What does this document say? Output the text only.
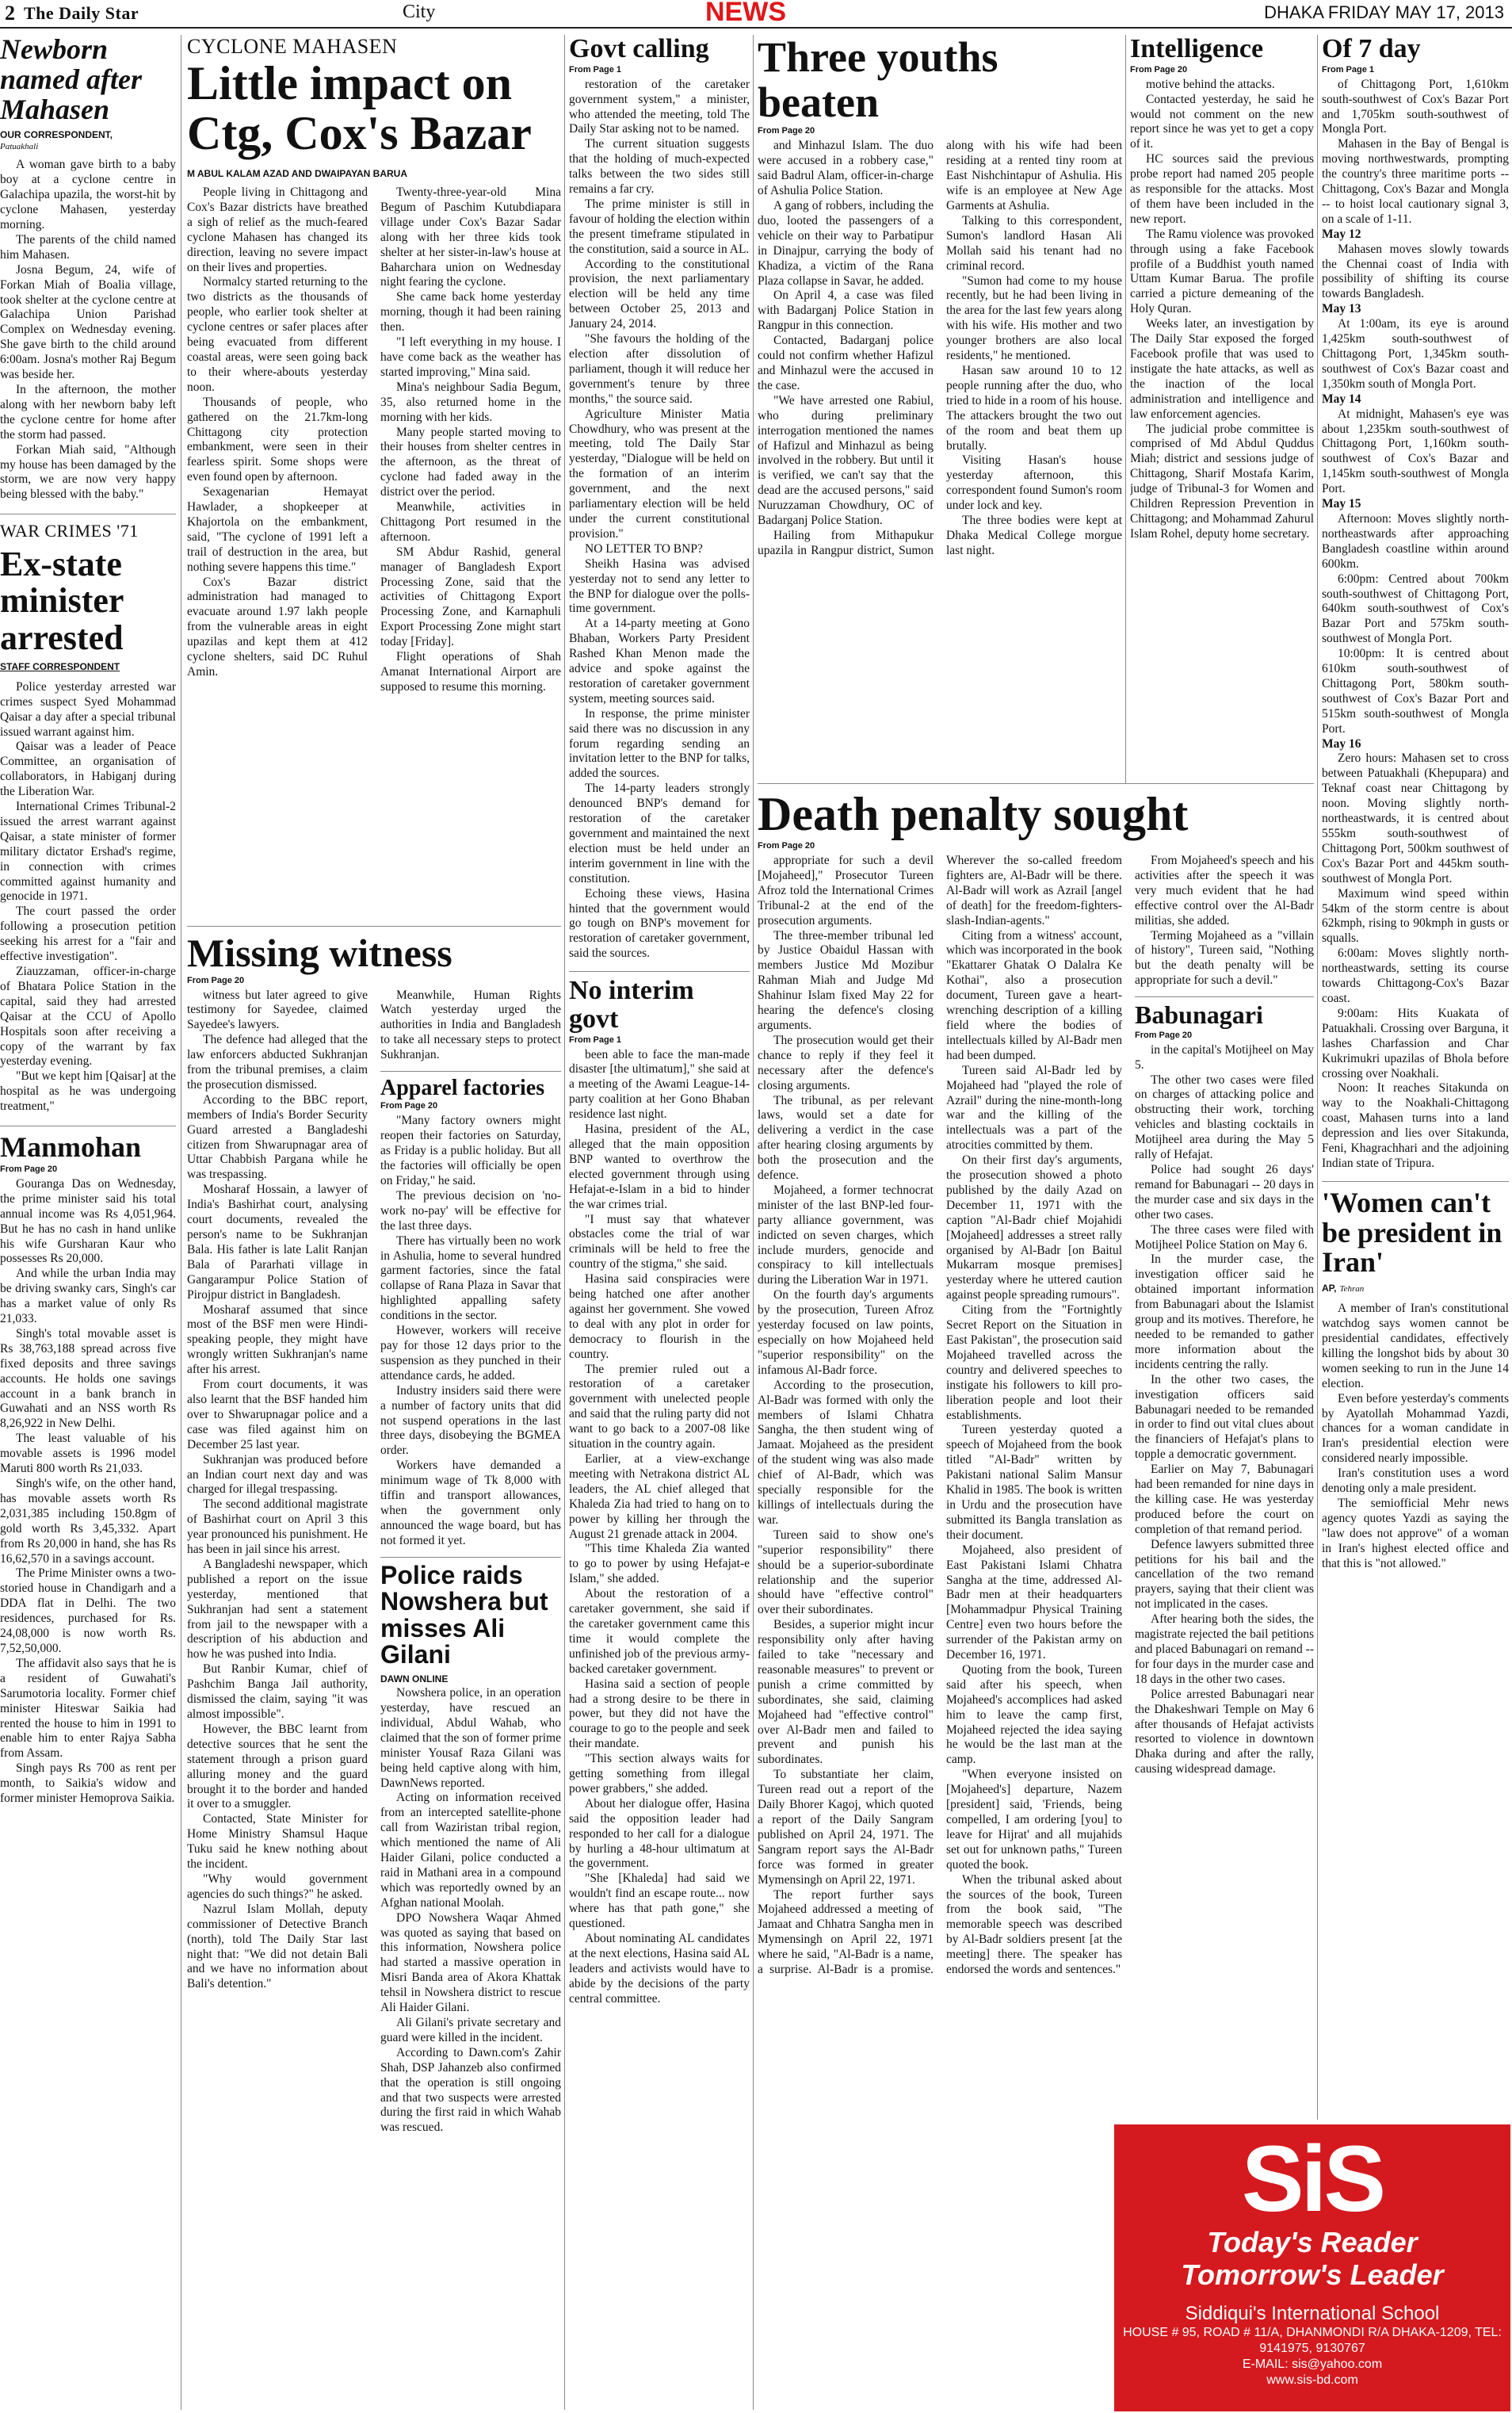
2 The Daily Star	City	NEWS	DHAKA FRIDAY MAY 17, 2013
Newborn named after Mahasen
OUR CORRESPONDENT,
Patuakhali

A woman gave birth to a baby boy at a cyclone centre in Galachipa upazila, the worst-hit by cyclone Mahasen, yesterday morning.

The parents of the child named him Mahasen.

Josna Begum, 24, wife of Forkan Miah of Boalia village, took shelter at the cyclone centre at Galachipa Union Parishad Complex on Wednesday evening. She gave birth to the child around 6:00am. Josna's mother Raj Begum was beside her.

In the afternoon, the mother along with her newborn baby left the cyclone centre for home after the storm had passed.

Forkan Miah said, "Although my house has been damaged by the storm, we are now very happy being blessed with the baby."

WAR CRIMES '71
Ex-state minister arrested
STAFF CORRESPONDENT

Police yesterday arrested war crimes suspect Syed Mohammad Qaisar a day after a special tribunal issued warrant against him.

Qaisar was a leader of Peace Committee, an organisation of collaborators, in Habiganj during the Liberation War.

International Crimes Tribunal-2 issued the arrest warrant against Qaisar, a state minister of former military dictator Ershad's regime, in connection with crimes committed against humanity and genocide in 1971.

The court passed the order following a prosecution petition seeking his arrest for a "fair and effective investigation".

Ziauzzaman, officer-in-charge of Bhatara Police Station in the capital, said they had arrested Qaisar at the CCU of Apollo Hospitals soon after receiving a copy of the warrant by fax yesterday evening.

"But we kept him [Qaisar] at the hospital as he was undergoing treatment,"

Manmohan
From Page 20

Gouranga Das on Wednesday, the prime minister said his total annual income was Rs 4,051,964. But he has no cash in hand unlike his wife Gursharan Kaur who possesses Rs 20,000.

And while the urban India may be driving swanky cars, Singh's car has a market value of only Rs 21,033.

Singh's total movable asset is Rs 38,763,188 spread across five fixed deposits and three savings accounts. He holds one savings account in a bank branch in Guwahati and an NSS worth Rs 8,26,922 in New Delhi.

The least valuable of his movable assets is 1996 model Maruti 800 worth Rs 21,033.

Singh's wife, on the other hand, has movable assets worth Rs 2,031,385 including 150.8gm of gold worth Rs 3,45,332. Apart from Rs 20,000 in hand, she has Rs 16,62,570 in a savings account.

The Prime Minister owns a two-storied house in Chandigarh and a DDA flat in Delhi. The two residences, purchased for Rs. 24,08,000 is now worth Rs. 7,52,50,000.

The affidavit also says that he is a resident of Guwahati's Sarumotoria locality. Former chief minister Hiteswar Saikia had rented the house to him in 1991 to enable him to enter Rajya Sabha from Assam.

Singh pays Rs 700 as rent per month, to Saikia's widow and former minister Hemoprova Saikia.

CYCLONE MAHASEN
Little impact on Ctg, Cox's Bazar
M ABUL KALAM AZAD AND DWAIPAYAN BARUA

People living in Chittagong and Cox's Bazar districts have breathed a sigh of relief as the much-feared cyclone Mahasen has changed its direction, leaving no severe impact on their lives and properties.

Normalcy started returning to the two districts as the thousands of people, who earlier took shelter at cyclone centres or safer places after being evacuated from different coastal areas, were seen going back to their where-abouts yesterday noon.

Thousands of people, who gathered on the 21.7km-long Chittagong city protection embankment, were seen in their fearless spirit. Some shops were even found open by afternoon.

Sexagenarian Hemayat Hawlader, a shopkeeper at Khajortola on the embankment, said, "The cyclone of 1991 left a trail of destruction in the area, but nothing severe happens this time."

Cox's Bazar district administration had managed to evacuate around 1.97 lakh people from the vulnerable areas in eight upazilas and kept them at 412 cyclone shelters, said DC Ruhul Amin.

Twenty-three-year-old Mina Begum of Paschim Kutubdiapara village under Cox's Bazar Sadar along with her three kids took shelter at her sister-in-law's house at Baharchara union on Wednesday night fearing the cyclone.

She came back home yesterday morning, though it had been raining then.

"I left everything in my house. I have come back as the weather has started improving," Mina said.

Mina's neighbour Sadia Begum, 35, also returned home in the morning with her kids.

Many people started moving to their houses from shelter centres in the afternoon, as the threat of cyclone had faded away in the district over the period.

Meanwhile, activities in Chittagong Port resumed in the afternoon.

SM Abdur Rashid, general manager of Bangladesh Export Processing Zone, said that the activities of Chittagong Export Processing Zone, and Karnaphuli Export Processing Zone might start today [Friday].

Flight operations of Shah Amanat International Airport are supposed to resume this morning.

Missing witness
From Page 20

witness but later agreed to give testimony for Sayedee, claimed Sayedee's lawyers.

The defence had alleged that the law enforcers abducted Sukhranjan from the tribunal premises, a claim the prosecution dismissed.

According to the BBC report, members of India's Border Security Guard arrested a Bangladeshi citizen from Shwarupnagar area of Uttar Chabbish Pargana while he was trespassing.

Mosharaf Hossain, a lawyer of India's Bashirhat court, analysing court documents, revealed the person's name to be Sukhranjan Bala. His father is late Lalit Ranjan Bala of Pararhati village in Gangarampur Police Station of Pirojpur district in Bangladesh.

Mosharaf assumed that since most of the BSF men were Hindi-speaking people, they might have wrongly written Sukhranjan's name after his arrest.

From court documents, it was also learnt that the BSF handed him over to Shwarupnagar police and a case was filed against him on December 25 last year.

Sukhranjan was produced before an Indian court next day and was charged for illegal trespassing.

The second additional magistrate of Bashirhat court on April 3 this year pronounced his punishment. He has been in jail since his arrest.

A Bangladeshi newspaper, which published a report on the issue yesterday, mentioned that Sukhranjan had sent a statement from jail to the newspaper with a description of his abduction and how he was pushed into India.

But Ranbir Kumar, chief of Pashchim Banga Jail authority, dismissed the claim, saying "it was almost impossible".

However, the BBC learnt from detective sources that he sent the statement through a prison guard alluring money and the guard brought it to the border and handed it over to a smuggler.

Contacted, State Minister for Home Ministry Shamsul Haque Tuku said he knew nothing about the incident.

"Why would government agencies do such things?" he asked.

Nazrul Islam Mollah, deputy commissioner of Detective Branch (north), told The Daily Star last night that: "We did not detain Bali and we have no information about Bali's detention."

Meanwhile, Human Rights Watch yesterday urged the authorities in India and Bangladesh to take all necessary steps to protect Sukhranjan.

Apparel factories
From Page 20

"Many factory owners might reopen their factories on Saturday, as Friday is a public holiday. But all the factories will officially be open on Friday," he said.

The previous decision on 'no-work no-pay' will be effective for the last three days.

There has virtually been no work in Ashulia, home to several hundred garment factories, since the fatal collapse of Rana Plaza in Savar that highlighted appalling safety conditions in the sector.

However, workers will receive pay for those 12 days prior to the suspension as they punched in their attendance cards, he added.

Industry insiders said there were a number of factory units that did not suspend operations in the last three days, disobeying the BGMEA order.

Workers have demanded a minimum wage of Tk 8,000 with tiffin and transport allowances, when the government only announced the wage board, but has not formed it yet.

Police raids Nowshera but misses Ali Gilani
DAWN ONLINE

Nowshera police, in an operation yesterday, have rescued an individual, Abdul Wahab, who claimed that the son of former prime minister Yousaf Raza Gilani was being held captive along with him, DawnNews reported.

Acting on information received from an intercepted satellite-phone call from Waziristan tribal region, which mentioned the name of Ali Haider Gilani, police conducted a raid in Mathani area in a compound which was reportedly owned by an Afghan national Moolah.

DPO Nowshera Waqar Ahmed was quoted as saying that based on this information, Nowshera police had started a massive operation in Misri Banda area of Akora Khattak tehsil in Nowshera district to rescue Ali Haider Gilani.

Ali Gilani's private secretary and guard were killed in the incident.

According to Dawn.com's Zahir Shah, DSP Jahanzeb also confirmed that the operation is still ongoing and that two suspects were arrested during the first raid in which Wahab was rescued.

Govt calling
From Page 1

restoration of the caretaker government system," a minister, who attended the meeting, told The Daily Star asking not to be named.

The current situation suggests that the holding of much-expected talks between the two sides still remains a far cry.

The prime minister is still in favour of holding the election within the present timeframe stipulated in the constitution, said a source in AL.

According to the constitutional provision, the next parliamentary election will be held any time between October 25, 2013 and January 24, 2014.

"She favours the holding of the election after dissolution of parliament, though it will reduce her government's tenure by three months," the source said.

Agriculture Minister Matia Chowdhury, who was present at the meeting, told The Daily Star yesterday, "Dialogue will be held on the formation of an interim government, and the next parliamentary election will be held under the current constitutional provision."

NO LETTER TO BNP?

Sheikh Hasina was advised yesterday not to send any letter to the BNP for dialogue over the polls-time government.

At a 14-party meeting at Gono Bhaban, Workers Party President Rashed Khan Menon made the advice and spoke against the restoration of caretaker government system, meeting sources said.

In response, the prime minister said there was no discussion in any forum regarding sending an invitation letter to the BNP for talks, added the sources.

The 14-party leaders strongly denounced BNP's demand for restoration of the caretaker government and maintained the next election must be held under an interim government in line with the constitution.

Echoing these views, Hasina hinted that the government would go tough on BNP's movement for restoration of caretaker government, said the sources.

No interim govt
From Page 1

been able to face the man-made disaster [the ultimatum]," she said at a meeting of the Awami League-14-party coalition at her Gono Bhaban residence last night.

Hasina, president of the AL, alleged that the main opposition BNP wanted to overthrow the elected government through using Hefajat-e-Islam in a bid to hinder the war crimes trial.

"I must say that whatever obstacles come the trial of war criminals will be held to free the country of the stigma," she said.

Hasina said conspiracies were being hatched one after another against her government. She vowed to deal with any plot in order for democracy to flourish in the country.

The premier ruled out a restoration of a caretaker government with unelected people and said that the ruling party did not want to go back to a 2007-08 like situation in the country again.

Earlier, at a view-exchange meeting with Netrakona district AL leaders, the AL chief alleged that Khaleda Zia had tried to hang on to power by killing her through the August 21 grenade attack in 2004.

"This time Khaleda Zia wanted to go to power by using Hefajat-e Islam," she added.

About the restoration of a caretaker government, she said if the caretaker government came this time it would complete the unfinished job of the previous army-backed caretaker government.

Hasina said a section of people had a strong desire to be there in power, but they did not have the courage to go to the people and seek their mandate.

"This section always waits for getting something from illegal power grabbers," she added.

About her dialogue offer, Hasina said the opposition leader had responded to her call for a dialogue by hurling a 48-hour ultimatum at the government.

"She [Khaleda] had said we wouldn't find an escape route... now where has that path gone," she questioned.

About nominating AL candidates at the next elections, Hasina said AL leaders and activists would have to abide by the decisions of the party central committee.

Three youths beaten
From Page 20

and Minhazul Islam. The duo were accused in a robbery case," said Badrul Alam, officer-in-charge of Ashulia Police Station.

A gang of robbers, including the duo, looted the passengers of a vehicle on their way to Parbatipur in Dinajpur, carrying the body of Khadiza, a victim of the Rana Plaza collapse in Savar, he added.

On April 4, a case was filed with Badarganj Police Station in Rangpur in this connection.

Contacted, Badarganj police could not confirm whether Hafizul and Minhazul were the accused in the case.

"We have arrested one Rabiul, who during preliminary interrogation mentioned the names of Hafizul and Minhazul as being involved in the robbery. But until it is verified, we can't say that the dead are the accused persons," said Nuruzzaman Chowdhury, OC of Badarganj Police Station.

Hailing from Mithapukur upazila in Rangpur district, Sumon along with his wife had been residing at a rented tiny room at East Nishchintapur of Ashulia. His wife is an employee at New Age Garments at Ashulia.

Talking to this correspondent, Sumon's landlord Hasan Ali Mollah said his tenant had no criminal record.

"Sumon had come to my house recently, but he had been living in the area for the last few years along with his wife. His mother and two younger brothers are also local residents," he mentioned.

Hasan saw around 10 to 12 people running after the duo, who tried to hide in a room of his house. The attackers brought the two out of the room and beat them up brutally.

Visiting Hasan's house yesterday afternoon, this correspondent found Sumon's room under lock and key.

The three bodies were kept at Dhaka Medical College morgue last night.

Death penalty sought
From Page 20

appropriate for such a devil [Mojaheed]," Prosecutor Tureen Afroz told the International Crimes Tribunal-2 at the end of the prosecution arguments.

The three-member tribunal led by Justice Obaidul Hassan with members Justice Md Mozibur Rahman Miah and Judge Md Shahinur Islam fixed May 22 for hearing the defence's closing arguments.

The prosecution would get their chance to reply if they feel it necessary after the defence's closing arguments.

The tribunal, as per relevant laws, would set a date for delivering a verdict in the case after hearing closing arguments by both the prosecution and the defence.

Mojaheed, a former technocrat minister of the last BNP-led four-party alliance government, was indicted on seven charges, which include murders, genocide and conspiracy to kill intellectuals during the Liberation War in 1971.

On the fourth day's arguments by the prosecution, Tureen Afroz yesterday focused on law points, especially on how Mojaheed held "superior responsibility" on the infamous Al-Badr force.

According to the prosecution, Al-Badr was formed with only the members of Islami Chhatra Sangha, the then student wing of Jamaat. Mojaheed as the president of the student wing was also made chief of Al-Badr, which was specially responsible for the killings of intellectuals during the war.

Tureen said to show one's "superior responsibility" there should be a superior-subordinate relationship and the superior should have "effective control" over their subordinates.

Besides, a superior might incur responsibility only after having failed to take "necessary and reasonable measures" to prevent or punish a crime committed by subordinates, she said, claiming Mojaheed had "effective control" over Al-Badr men and failed to prevent and punish his subordinates.

To substantiate her claim, Tureen read out a report of the Daily Bhorer Kagoj, which quoted a report of the Daily Sangram published on April 24, 1971. The Sangram report says the Al-Badr force was formed in greater Mymensingh on April 22, 1971.

The report further says Mojaheed addressed a meeting of Jamaat and Chhatra Sangha men in Mymensingh on April 22, 1971 where he said, "Al-Badr is a name, a surprise. Al-Badr is a promise. Wherever the so-called freedom fighters are, Al-Badr will be there. Al-Badr will work as Azrail [angel of death] for the freedom-fighters-slash-Indian-agents."

Citing from a witness' account, which was incorporated in the book "Ekattarer Ghatak O Dalalra Ke Kothai", also a prosecution document, Tureen gave a heart-wrenching description of a killing field where the bodies of intellectuals killed by Al-Badr men had been dumped.

Tureen said Al-Badr led by Mojaheed had "played the role of Azrail" during the nine-month-long war and the killing of the intellectuals was a part of the atrocities committed by them.

On their first day's arguments, the prosecution showed a photo published by the daily Azad on December 11, 1971 with the caption "Al-Badr chief Mojahidi [Mojaheed] addresses a street rally organised by Al-Badr [on Baitul Mukarram mosque premises] yesterday where he uttered caution against people spreading rumours".

Citing from the "Fortnightly Secret Report on the Situation in East Pakistan", the prosecution said Mojaheed travelled across the country and delivered speeches to instigate his followers to kill pro-liberation people and loot their establishments.

Tureen yesterday quoted a speech of Mojaheed from the book titled "Al-Badr" written by Pakistani national Salim Mansur Khalid in 1985. The book is written in Urdu and the prosecution have submitted its Bangla translation as their document.

Mojaheed, also president of East Pakistani Islami Chhatra Sangha at the time, addressed Al-Badr men at their headquarters [Mohammadpur Physical Training Centre] even two hours before the surrender of the Pakistan army on December 16, 1971.

Quoting from the book, Tureen said after his speech, when Mojaheed's accomplices had asked him to leave the camp first, Mojaheed rejected the idea saying he would be the last man at the camp.

"When everyone insisted on [Mojaheed's] departure, Nazem [president] said, 'Friends, being compelled, I am ordering [you] to leave for Hijrat' and all mujahids set out for unknown paths," Tureen quoted the book.

When the tribunal asked about the sources of the book, Tureen from the book said, "The memorable speech was described by Al-Badr soldiers present [at the meeting] there. The speaker has endorsed the words and sentences."

From Mojaheed's speech and his activities after the speech it was very much evident that he had effective control over the Al-Badr militias, she added.

Terming Mojaheed as a "villain of history", Tureen said, "Nothing but the death penalty will be appropriate for such a devil."

Babunagari
From Page 20

in the capital's Motijheel on May 5.

The other two cases were filed on charges of attacking police and obstructing their work, torching vehicles and blasting cocktails in Motijheel area during the May 5 rally of Hefajat.

Police had sought 26 days' remand for Babunagari -- 20 days in the murder case and six days in the other two cases.

The three cases were filed with Motijheel Police Station on May 6.

In the murder case, the investigation officer said he obtained important information from Babunagari about the Islamist group and its motives. Therefore, he needed to be remanded to gather more information about the incidents centring the rally.

In the other two cases, the investigation officers said Babunagari needed to be remanded in order to find out vital clues about the financiers of Hefajat's plans to topple a democratic government.

Earlier on May 7, Babunagari had been remanded for nine days in the killing case. He was yesterday produced before the court on completion of that remand period.

Defence lawyers submitted three petitions for his bail and the cancellation of the two remand prayers, saying that their client was not implicated in the cases.

After hearing both the sides, the magistrate rejected the bail petitions and placed Babunagari on remand -- for four days in the murder case and 18 days in the other two cases.

Police arrested Babunagari near the Dhakeshwari Temple on May 6 after thousands of Hefajat activists resorted to violence in downtown Dhaka during and after the rally, causing widespread damage.

Intelligence
From Page 20

motive behind the attacks.

Contacted yesterday, he said he would not comment on the new report since he was yet to get a copy of it.

HC sources said the previous probe report had named 205 people as responsible for the attacks. Most of them have been included in the new report.

The Ramu violence was provoked through using a fake Facebook profile of a Buddhist youth named Uttam Kumar Barua. The profile carried a picture demeaning of the Holy Quran.

Weeks later, an investigation by The Daily Star exposed the forged Facebook profile that was used to instigate the hate attacks, as well as the inaction of the local administration and intelligence and law enforcement agencies.

The judicial probe committee is comprised of Md Abdul Quddus Miah; district and sessions judge of Chittagong, Sharif Mostafa Karim, judge of Tribunal-3 for Women and Children Repression Prevention in Chittagong; and Mohammad Zahurul Islam Rohel, deputy home secretary.

Of 7 day
From Page 1

of Chittagong Port, 1,610km south-southwest of Cox's Bazar Port and 1,705km south-southwest of Mongla Port.

Mahasen in the Bay of Bengal is moving northwestwards, prompting the country's three maritime ports -- Chittagong, Cox's Bazar and Mongla -- to hoist local cautionary signal 3, on a scale of 1-11.

May 12

Mahasen moves slowly towards the Chennai coast of India with possibility of shifting its course towards Bangladesh.

May 13

At 1:00am, its eye is around 1,425km south-southwest of Chittagong Port, 1,345km south-southwest of Cox's Bazar coast and 1,350km south of Mongla Port.

May 14

At midnight, Mahasen's eye was about 1,235km south-southwest of Chittagong Port, 1,160km south-southwest of Cox's Bazar and 1,145km south-southwest of Mongla Port.

May 15

Afternoon: Moves slightly north-northeastwards after approaching Bangladesh coastline within around 600km.

6:00pm: Centred about 700km south-southwest of Chittagong Port, 640km south-southwest of Cox's Bazar Port and 575km south-southwest of Mongla Port.

10:00pm: It is centred about 610km south-southwest of Chittagong Port, 580km south-southwest of Cox's Bazar Port and 515km south-southwest of Mongla Port.

May 16

Zero hours: Mahasen set to cross between Patuakhali (Khepupara) and Teknaf coast near Chittagong by noon. Moving slightly north-northeastwards, it is centred about 555km south-southwest of Chittagong Port, 500km southwest of Cox's Bazar Port and 445km south-southwest of Mongla Port.

Maximum wind speed within 54km of the storm centre is about 62kmph, rising to 90kmph in gusts or squalls.

6:00am: Moves slightly north-northeastwards, setting its course towards Chittagong-Cox's Bazar coast.

9:00am: Hits Kuakata of Patuakhali. Crossing over Barguna, it lashes Charfassion and Char Kukrimukri upazilas of Bhola before crossing over Noakhali.

Noon: It reaches Sitakunda on way to the Noakhali-Chittagong coast, Mahasen turns into a land depression and lies over Sitakunda, Feni, Khagrachhari and the adjoining Indian state of Tripura.

'Women can't be president in Iran'
AP, Tehran

A member of Iran's constitutional watchdog says women cannot be presidential candidates, effectively killing the longshot bids by about 30 women seeking to run in the June 14 election.

Even before yesterday's comments by Ayatollah Mohammad Yazdi, chances for a woman candidate in Iran's presidential election were considered nearly impossible.

Iran's constitution uses a word denoting only a male president.

The semiofficial Mehr news agency quotes Yazdi as saying the "law does not approve" of a woman in Iran's highest elected office and that this is "not allowed."

SiS
Today's Reader
Tomorrow's Leader
Siddiqui's International School
HOUSE # 95, ROAD # 11/A, DHANMONDI R/A DHAKA-1209, TEL: 9141975, 9130767
E-MAIL: sis@yahoo.com
www.sis-bd.com
